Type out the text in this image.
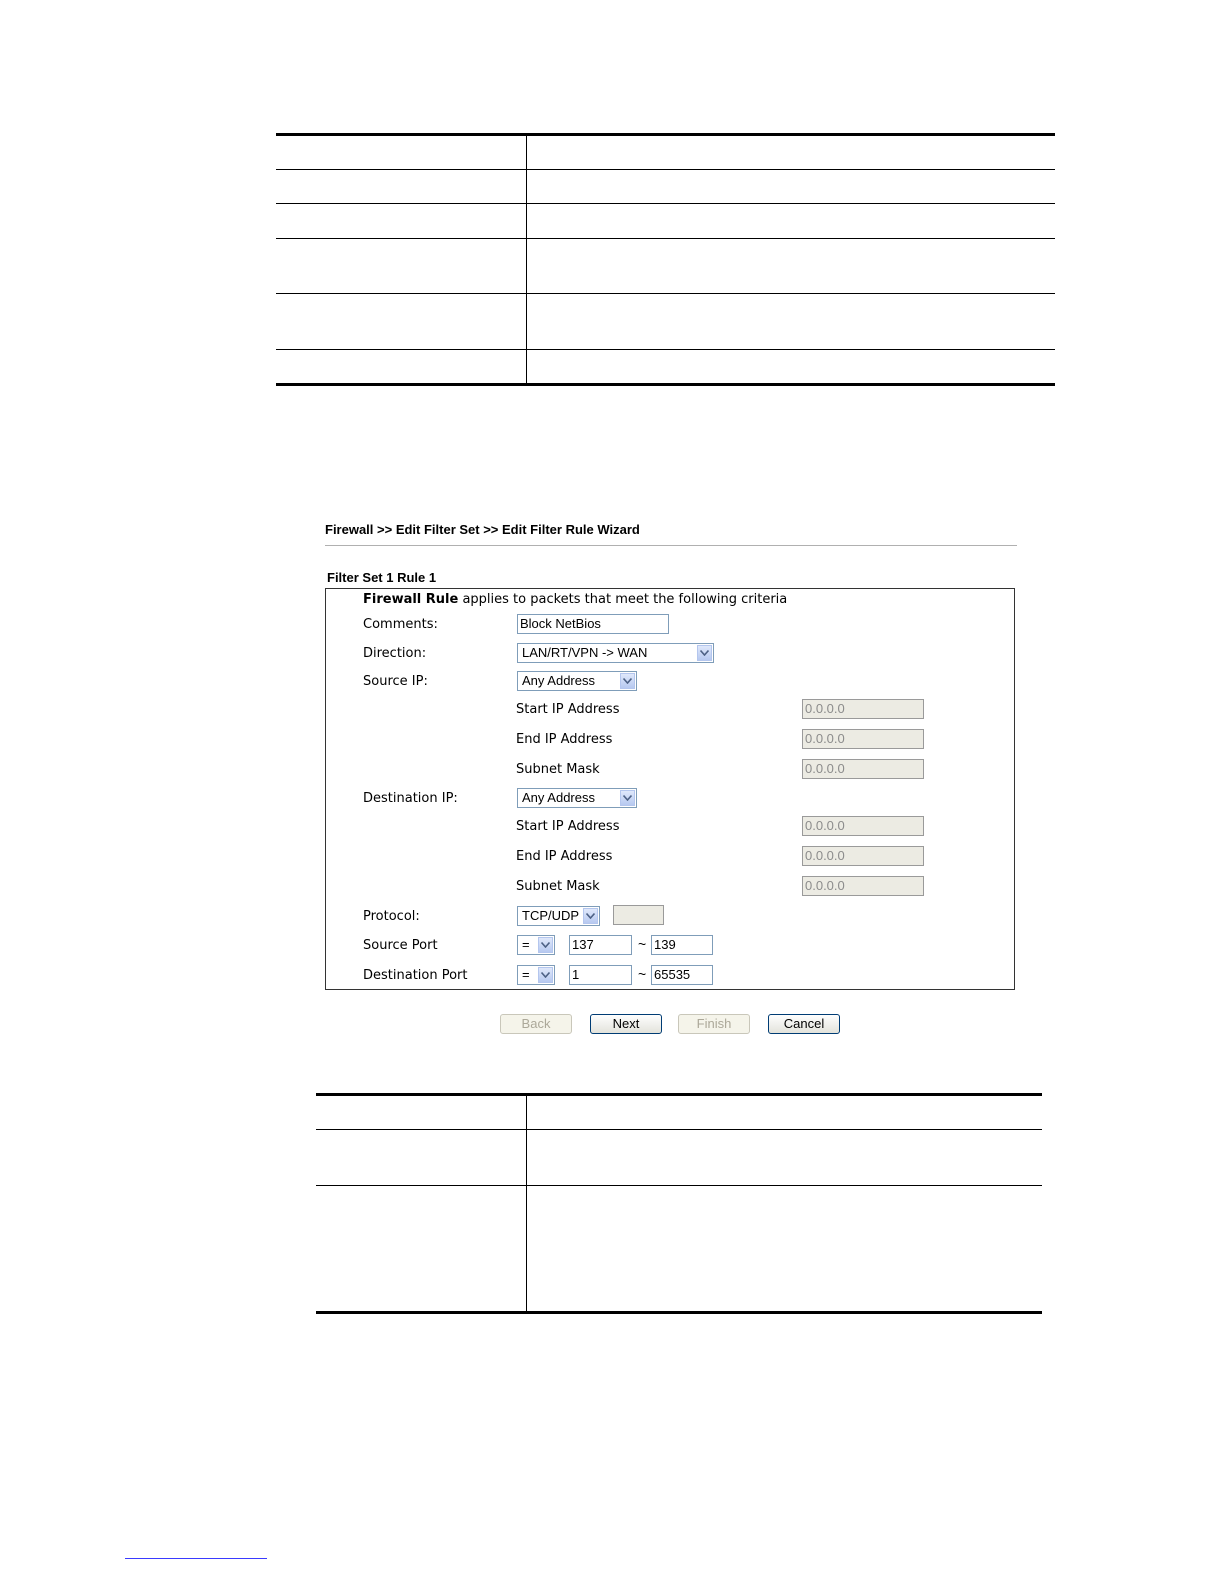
Firewall >> Edit Filter Set >> Edit Filter Rule Wizard
Filter Set 1 Rule 1
Firewall Rule applies to packets that meet the following criteria
Comments:	Block NetBios
Direction:	LAN/RT/VPN -> WAN
Source IP:	Any Address
Start IP Address	0.0.0.0
End IP Address	0.0.0.0
Subnet Mask	0.0.0.0
Destination IP:	Any Address
Start IP Address	0.0.0.0
End IP Address	0.0.0.0
Subnet Mask	0.0.0.0
Protocol:	TCP/UDP
Source Port	=	137	~ 139
Destination Port	=	1	~ 65535
Back	Next	Finish	Cancel
